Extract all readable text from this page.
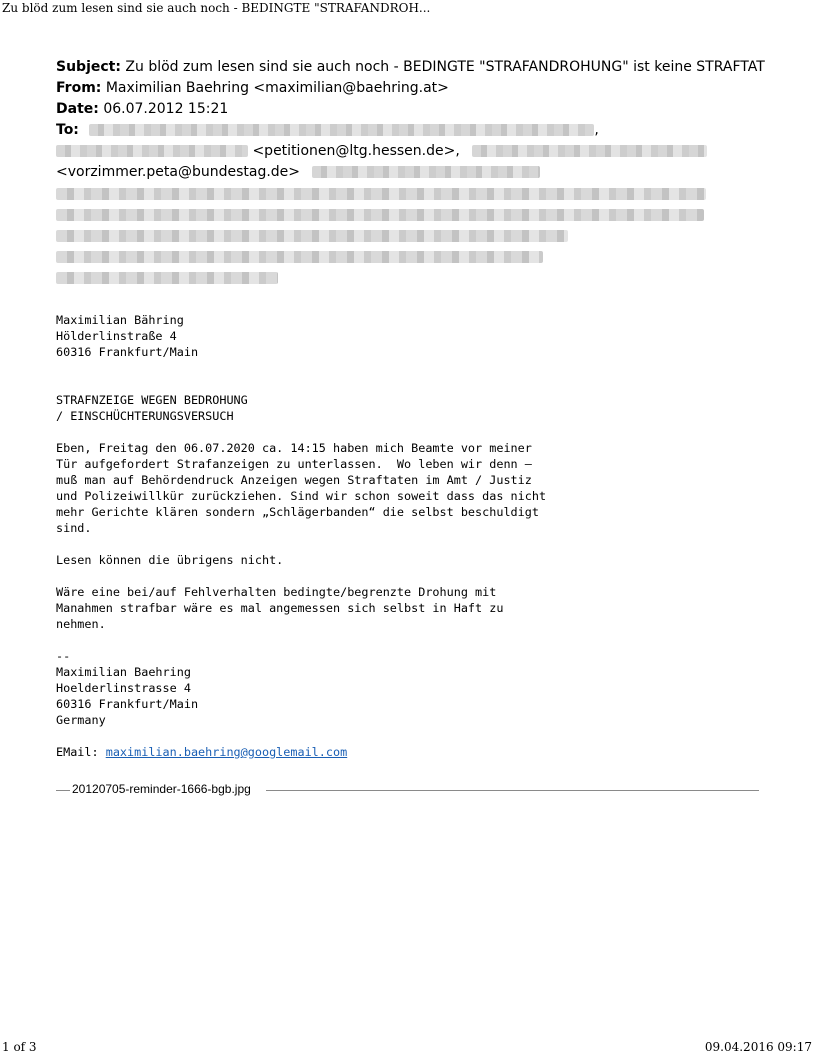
Zu blöd zum lesen sind sie auch noch - BEDINGTE "STRAFANDROH...
Subject: Zu blöd zum lesen sind sie auch noch - BEDINGTE "STRAFANDROHUNG" ist keine STRAFTAT
From: Maximilian Baehring <maximilian@baehring.at>
Date: 06.07.2012 15:21
To:	,
<petitionen@ltg.hessen.de>,
<vorzimmer.peta@bundestag.de>
Maximilian Bähring
Hölderlinstraße 4
60316 Frankfurt/Main

STRAFNZEIGE WEGEN BEDROHUNG
/ EINSCHÜCHTERUNGSVERSUCH

Eben, Freitag den 06.07.2020 ca. 14:15 haben mich Beamte vor meiner
Tür aufgefordert Strafanzeigen zu unterlassen.  Wo leben wir denn –
muß man auf Behördendruck Anzeigen wegen Straftaten im Amt / Justiz
und Polizeiwillkür zurückziehen. Sind wir schon soweit dass das nicht
mehr Gerichte klären sondern „Schlägerbanden“ die selbst beschuldigt
sind.

Lesen können die übrigens nicht.

Wäre eine bei/auf Fehlverhalten bedingte/begrenzte Drohung mit
Manahmen strafbar wäre es mal angemessen sich selbst in Haft zu
nehmen.

--
Maximilian Baehring
Hoelderlinstrasse 4
60316 Frankfurt/Main
Germany

EMail: maximilian.baehring@googlemail.com
20120705-reminder-1666-bgb.jpg
1 of 3	09.04.2016 09:17
